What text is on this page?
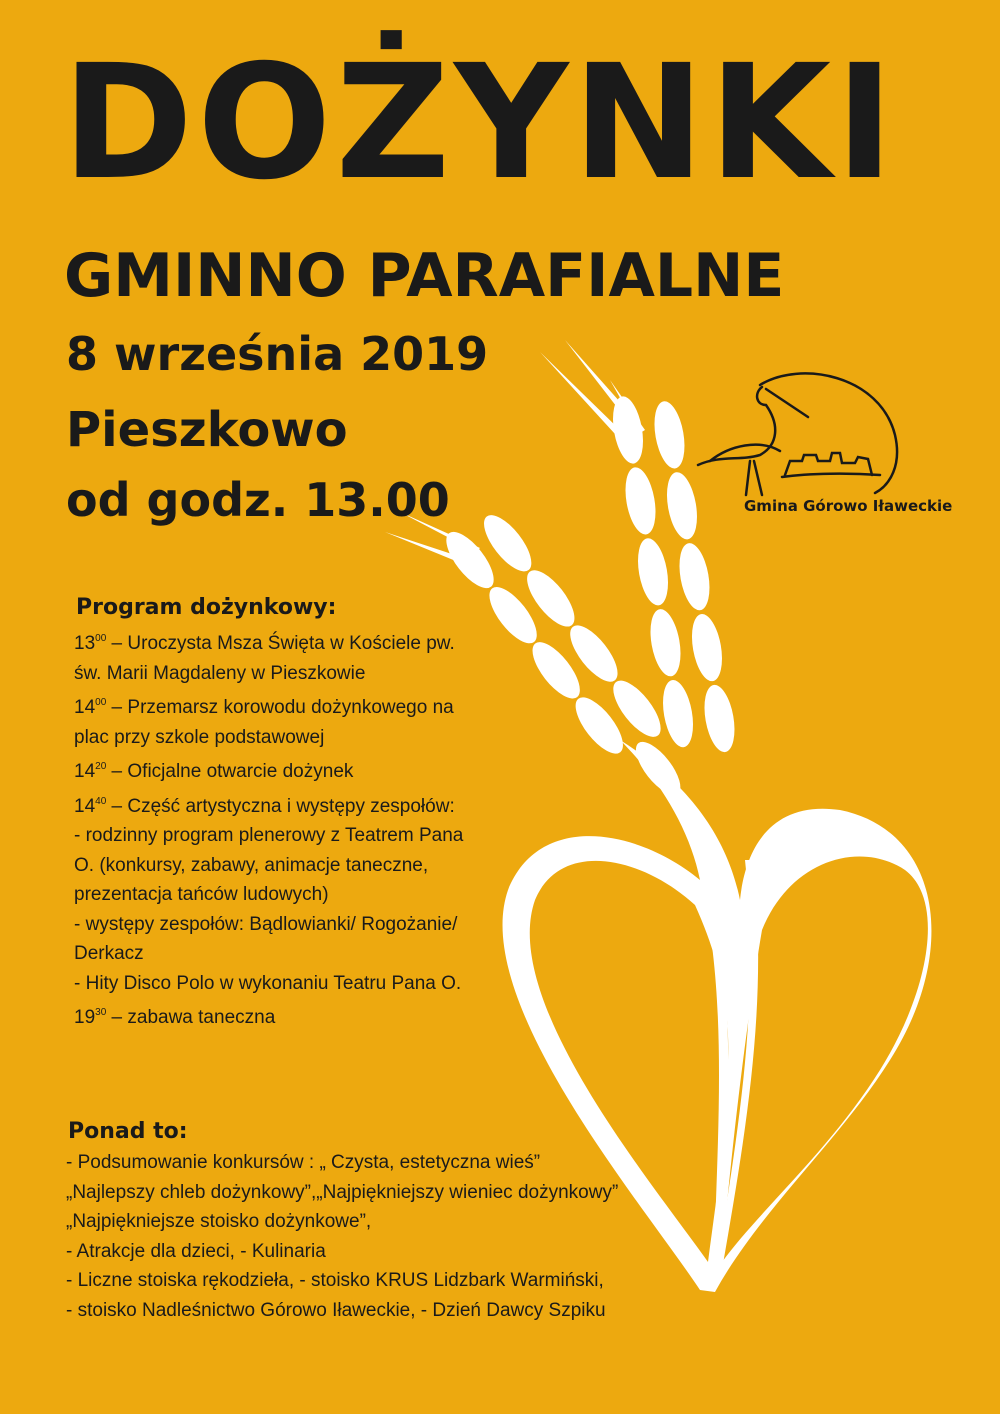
DOŻYNKI
GMINNO PARAFIALNE
8 września 2019
Pieszkowo
od godz. 13.00	Gmina Górowo Iławeckie
Program dożynkowy:
$13^{00}$ – Uroczysta Msza Święta w Kościele pw.
św. Marii Magdaleny w Pieszkowie
$14^{00}$ – Przemarsz korowodu dożynkowego na
plac przy szkole podstawowej
$14^{20}$ – Oficjalne otwarcie dożynek
$14^{40}$ – Część artystyczna i występy zespołów:
- rodzinny program plenerowy z Teatrem Pana
O. (konkursy, zabawy, animacje taneczne,
prezentacja tańców ludowych)
- występy zespołów: Bądlowianki/ Rogożanie/
Derkacz
- Hity Disco Polo w wykonaniu Teatru Pana O.
$19^{30}$ – zabawa taneczna
Ponad to:
- Podsumowanie konkursów : „ Czysta, estetyczna wieś”
„Najlepszy chleb dożynkowy”,„Najpiękniejszy wieniec dożynkowy”
„Najpiękniejsze stoisko dożynkowe”,
- Atrakcje dla dzieci, - Kulinaria
- Liczne stoiska rękodzieła, - stoisko KRUS Lidzbark Warmiński,
- stoisko Nadleśnictwo Górowo Iławeckie, - Dzień Dawcy Szpiku
